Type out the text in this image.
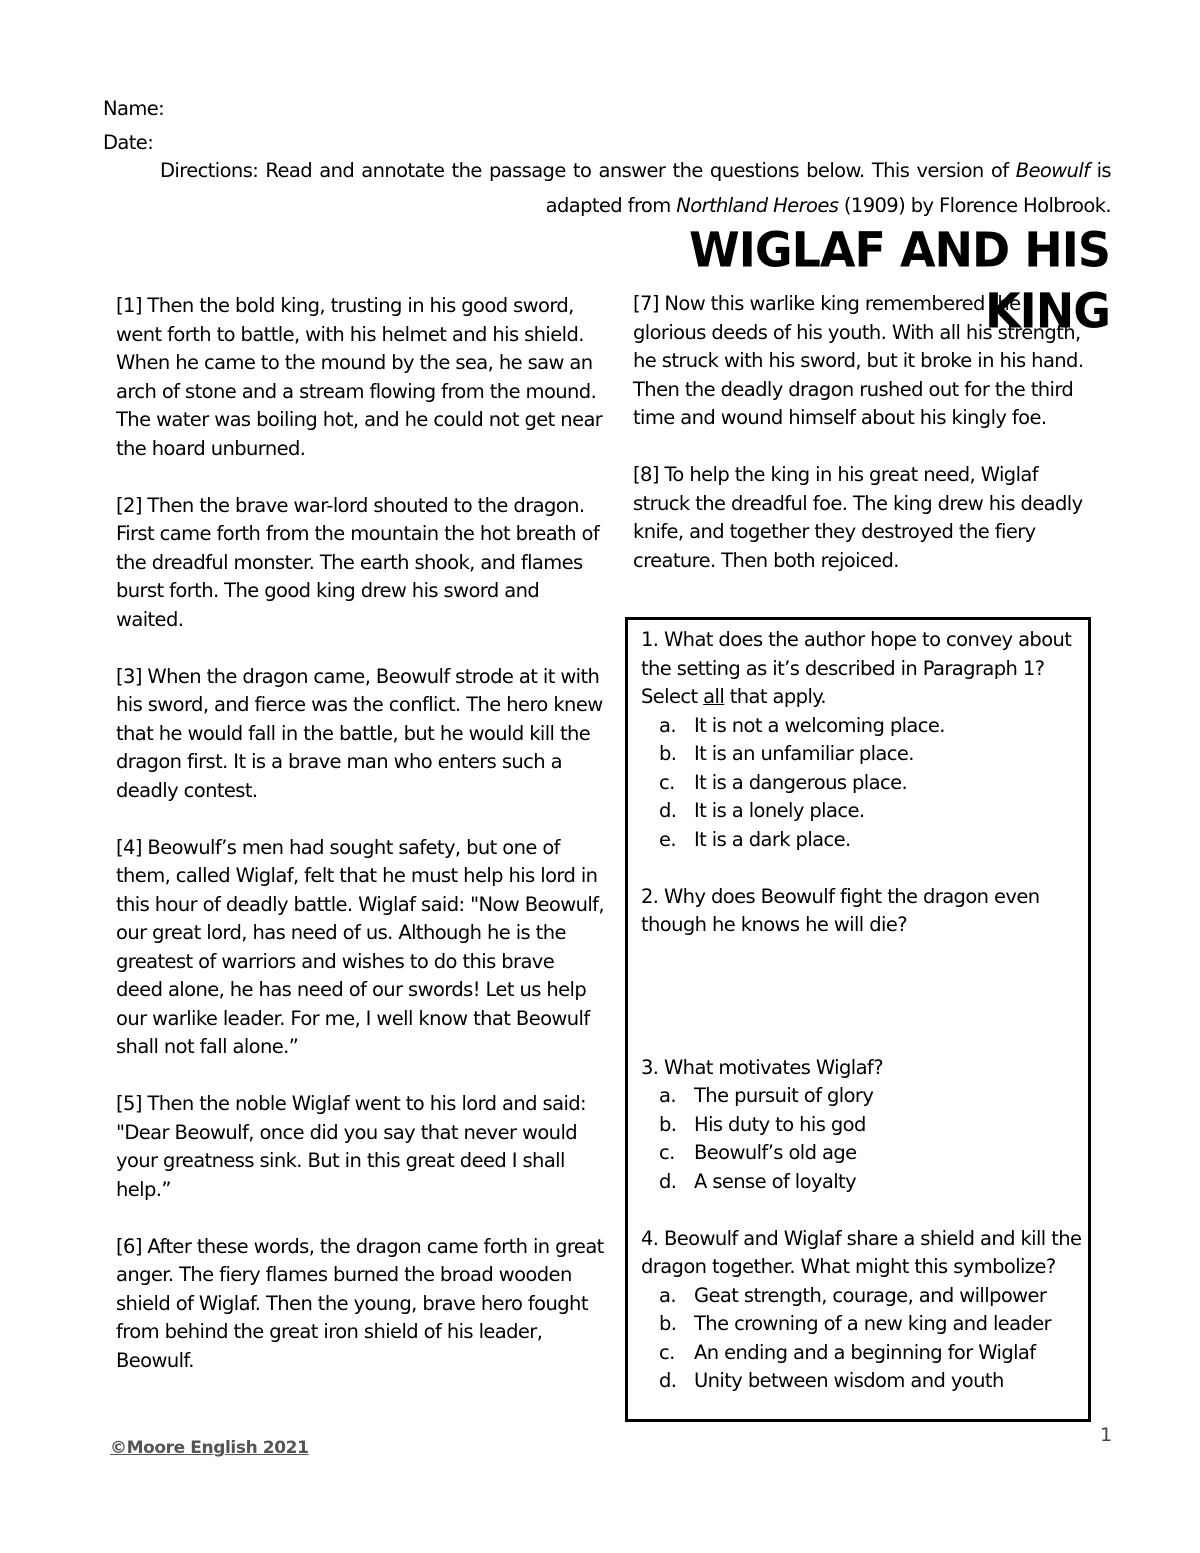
Name:
Date:
Directions: Read and annotate the passage to answer the questions below. This version of Beowulf is adapted from Northland Heroes (1909) by Florence Holbrook.
WIGLAF AND HIS KING

[1] Then the bold king, trusting in his good sword, went forth to battle, with his helmet and his shield. When he came to the mound by the sea, he saw an arch of stone and a stream flowing from the mound. The water was boiling hot, and he could not get near the hoard unburned.

[2] Then the brave war-lord shouted to the dragon. First came forth from the mountain the hot breath of the dreadful monster. The earth shook, and flames burst forth. The good king drew his sword and waited.

[3] When the dragon came, Beowulf strode at it with his sword, and fierce was the conflict. The hero knew that he would fall in the battle, but he would kill the dragon first. It is a brave man who enters such a deadly contest.

[4] Beowulf’s men had sought safety, but one of them, called Wiglaf, felt that he must help his lord in this hour of deadly battle. Wiglaf said: "Now Beowulf, our great lord, has need of us. Although he is the greatest of warriors and wishes to do this brave deed alone, he has need of our swords! Let us help our warlike leader. For me, I well know that Beowulf shall not fall alone.”

[5] Then the noble Wiglaf went to his lord and said: "Dear Beowulf, once did you say that never would your greatness sink. But in this great deed I shall help.”

[6] After these words, the dragon came forth in great anger. The fiery flames burned the broad wooden shield of Wiglaf. Then the young, brave hero fought from behind the great iron shield of his leader, Beowulf.

[7] Now this warlike king remembered the glorious deeds of his youth. With all his strength, he struck with his sword, but it broke in his hand. Then the deadly dragon rushed out for the third time and wound himself about his kingly foe.

[8] To help the king in his great need, Wiglaf struck the dreadful foe. The king drew his deadly knife, and together they destroyed the fiery creature. Then both rejoiced.

1. What does the author hope to convey about the setting as it’s described in Paragraph 1? Select all that apply.

a. It is not a welcoming place.
b. It is an unfamiliar place.
c. It is a dangerous place.
d. It is a lonely place.
e. It is a dark place.

2. Why does Beowulf fight the dragon even though he knows he will die?

3. What motivates Wiglaf?

a. The pursuit of glory
b. His duty to his god
c. Beowulf’s old age
d. A sense of loyalty

4. Beowulf and Wiglaf share a shield and kill the dragon together. What might this symbolize?

a. Geat strength, courage, and willpower
b. The crowning of a new king and leader
c. An ending and a beginning for Wiglaf
d. Unity between wisdom and youth
1
©Moore English 2021
